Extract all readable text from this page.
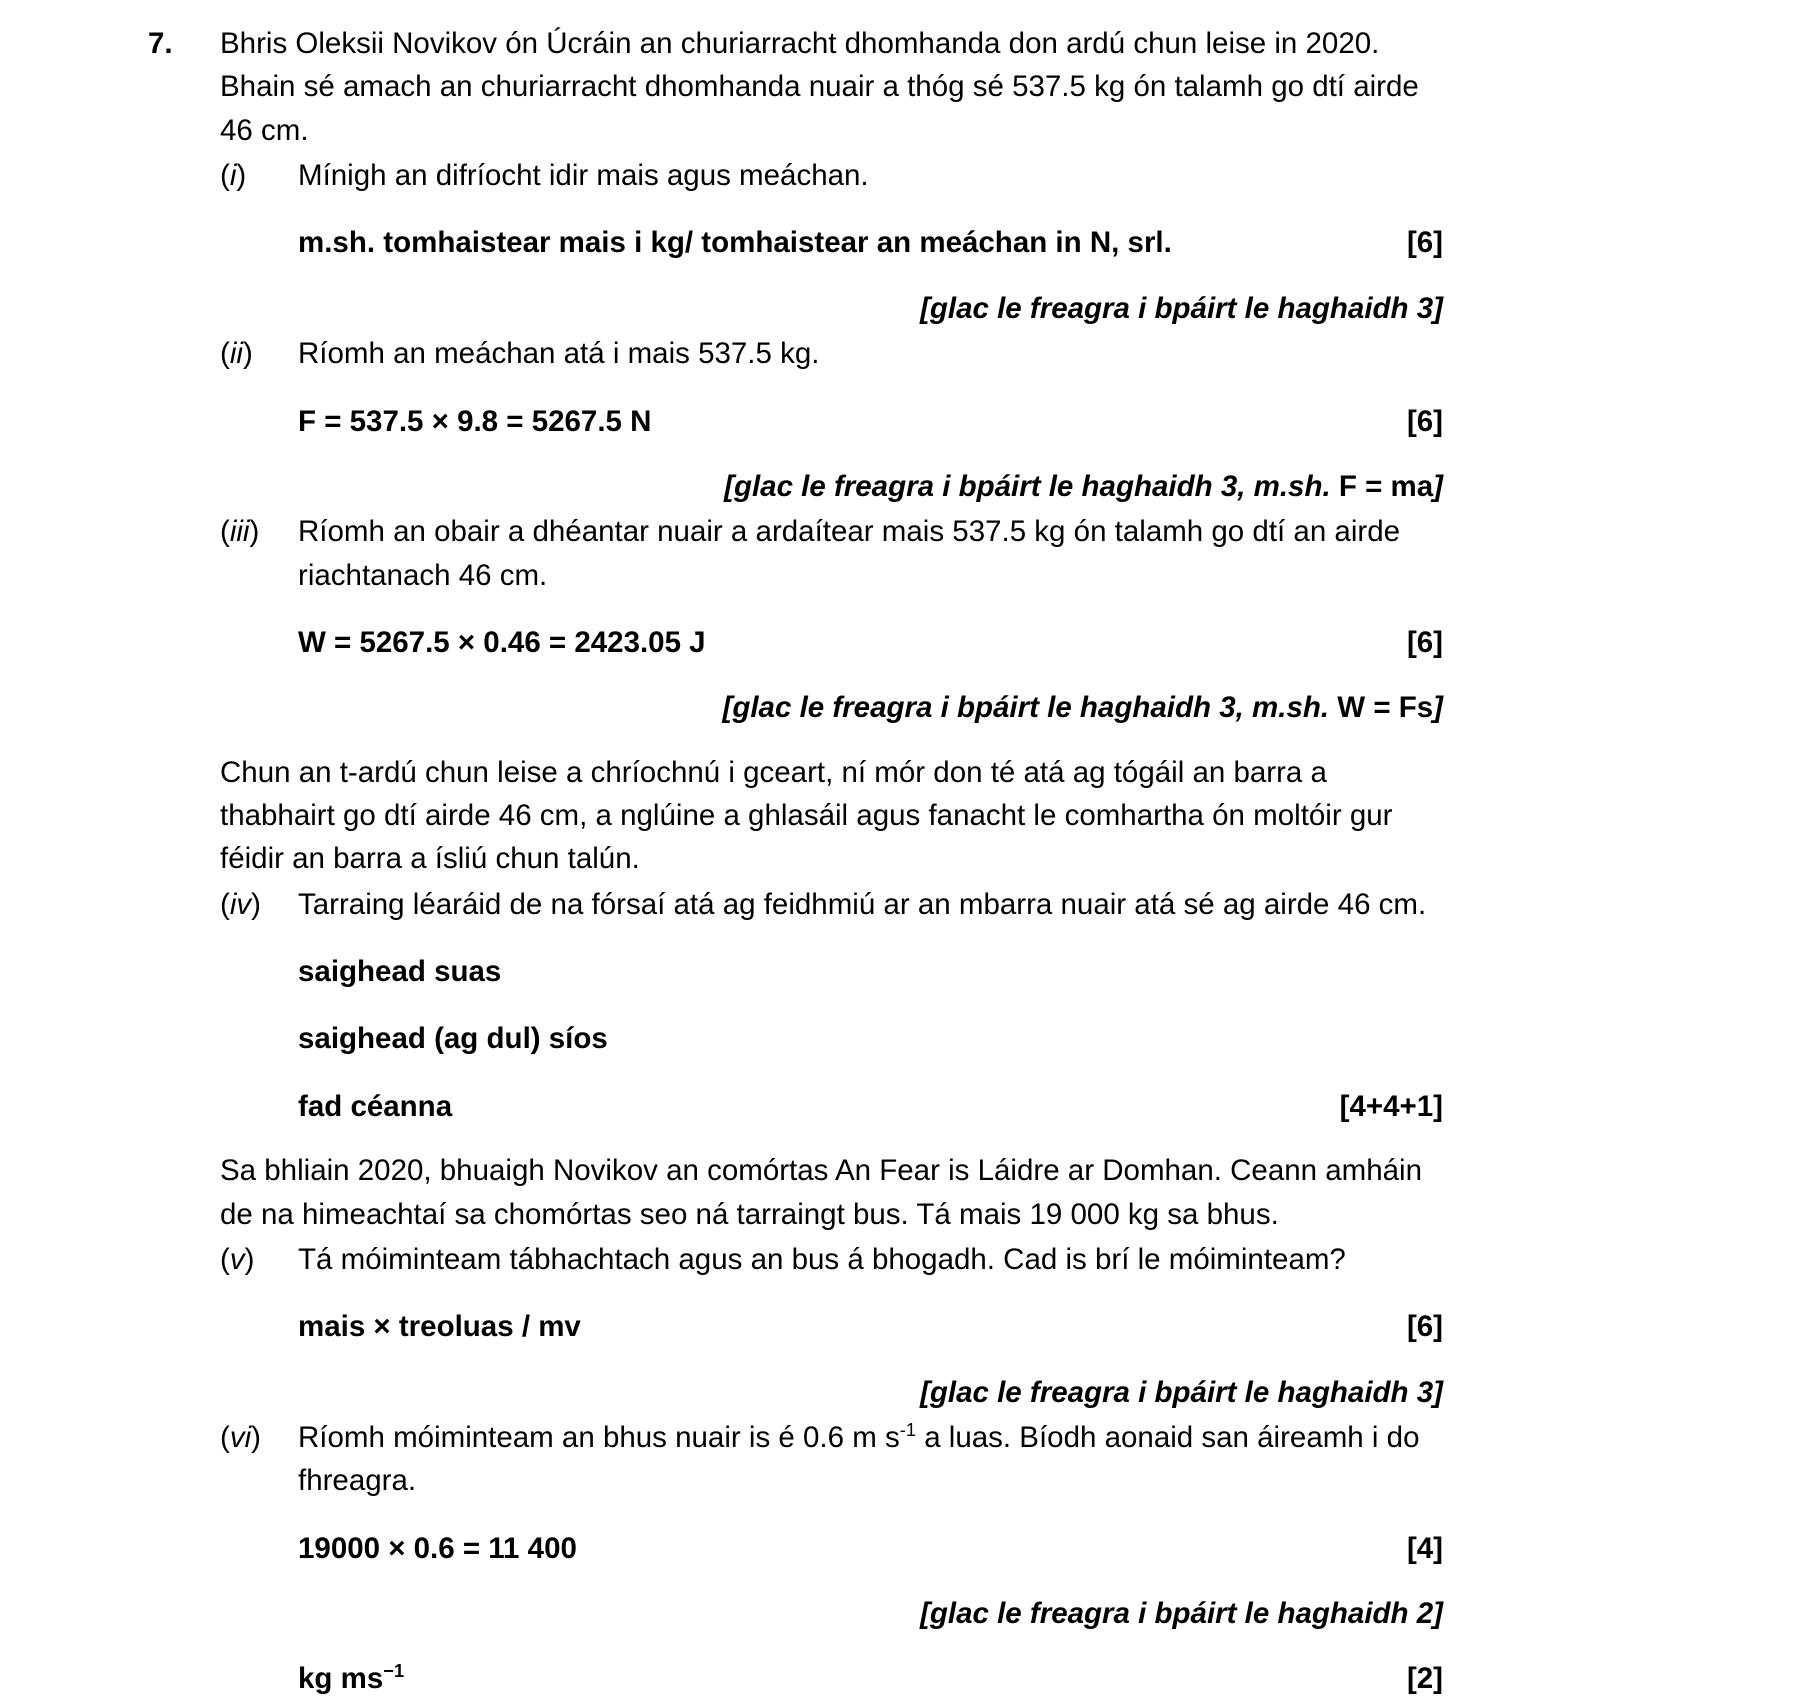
7.	Bhris Oleksii Novikov ón Úcráin an churiarracht dhomhanda don ardú chun leise in 2020. Bhain sé amach an churiarracht dhomhanda nuair a thóg sé 537.5 kg ón talamh go dtí airde 46 cm.

(i)	Mínigh an difríocht idir mais agus meáchan.

m.sh. tomhaistear mais i kg/ tomhaistear an meáchan in N, srl.	[6]
[glac le freagra i bpáirt le haghaidh 3]
(ii)	Ríomh an meáchan atá i mais 537.5 kg.

F = 537.5 × 9.8 = 5267.5 N	[6]
[glac le freagra i bpáirt le haghaidh 3, m.sh. F = ma]
(iii)	Ríomh an obair a dhéantar nuair a ardaítear mais 537.5 kg ón talamh go dtí an airde riachtanach 46 cm.

W = 5267.5 × 0.46 = 2423.05 J	[6]
[glac le freagra i bpáirt le haghaidh 3, m.sh. W = Fs]

Chun an t-ardú chun leise a chríochnú i gceart, ní mór don té atá ag tógáil an barra a thabhairt go dtí airde 46 cm, a nglúine a ghlasáil agus fanacht le comhartha ón moltóir gur féidir an barra a ísliú chun talún.

(iv)	Tarraing léaráid de na fórsaí atá ag feidhmiú ar an mbarra nuair atá sé ag airde 46 cm.

saighead suas
saighead (ag dul) síos
fad céanna	[4+4+1]

Sa bhliain 2020, bhuaigh Novikov an comórtas An Fear is Láidre ar Domhan. Ceann amháin de na himeachtaí sa chomórtas seo ná tarraingt bus. Tá mais 19 000 kg sa bhus.

(v)	Tá móiminteam tábhachtach agus an bus á bhogadh. Cad is brí le móiminteam?

mais × treoluas / mv	[6]
[glac le freagra i bpáirt le haghaidh 3]
(vi)	Ríomh móiminteam an bhus nuair is é 0.6 m $s^{-1}$ a luas. Bíodh aonaid san áireamh i do fhreagra.

19000 × 0.6 = 11 400	[4]
[glac le freagra i bpáirt le haghaidh 2]
kg $ms^{-1}$	[2]
